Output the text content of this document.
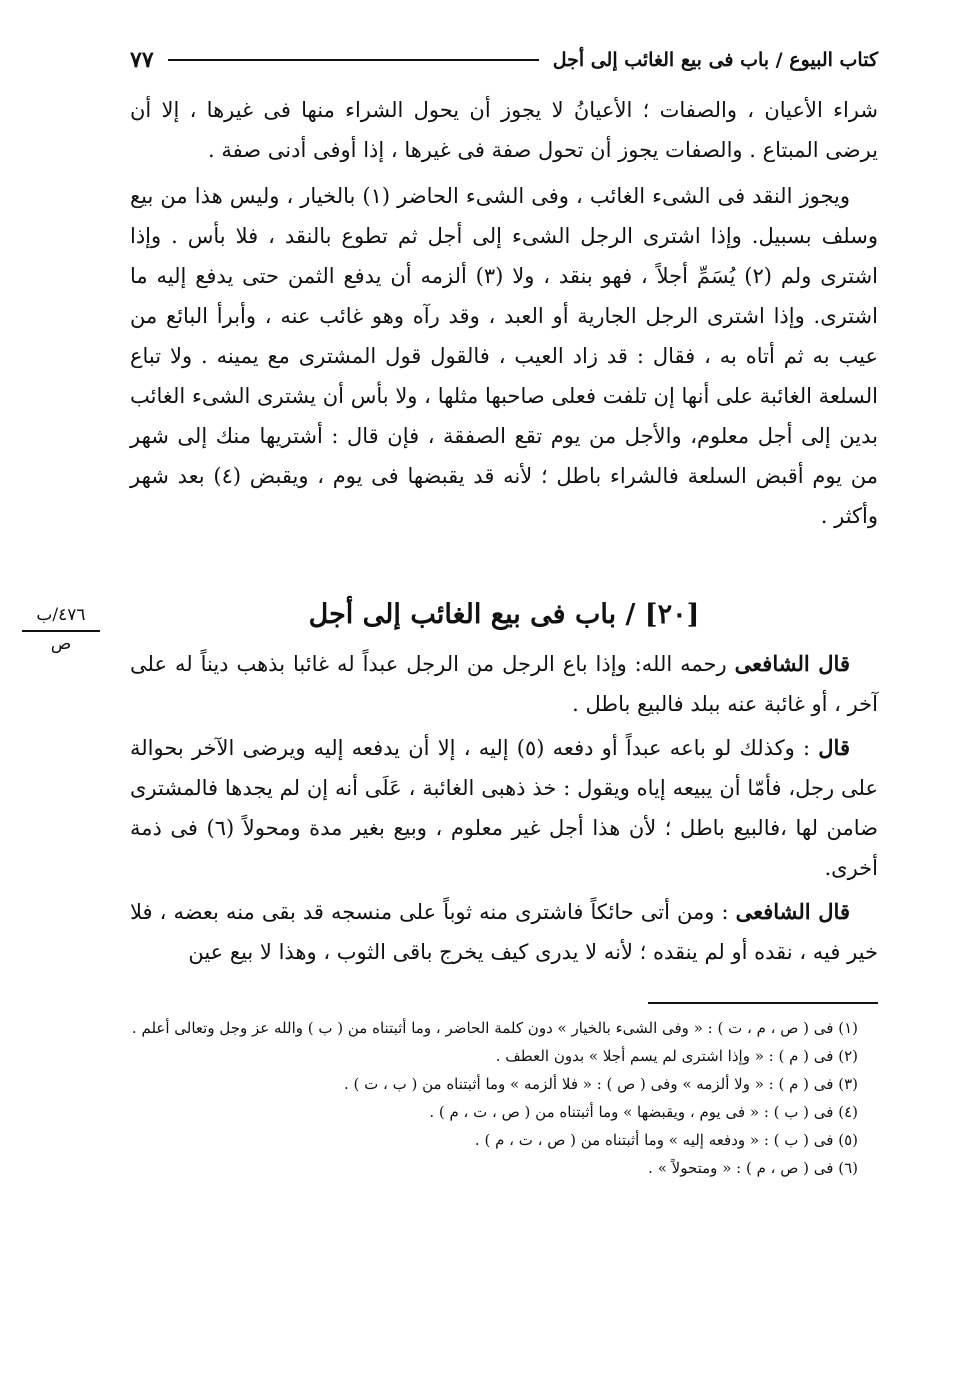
كتاب البيوع / باب فى بيع الغائب إلى أجل
٧٧

شراء الأعيان ، والصفات ؛ الأعيانُ لا يجوز أن يحول الشراء منها فى غيرها ، إلا أن يرضى المبتاع . والصفات يجوز أن تحول صفة فى غيرها ، إذا أوفى أدنى صفة .

ويجوز النقد فى الشىء الغائب ، وفى الشىء الحاضر (١) بالخيار ، وليس هذا من بيع وسلف بسبيل. وإذا اشترى الرجل الشىء إلى أجل ثم تطوع بالنقد ، فلا بأس . وإذا اشترى ولم (٢) يُسَمِّ أجلاً ، فهو بنقد ، ولا (٣) ألزمه أن يدفع الثمن حتى يدفع إليه ما اشترى. وإذا اشترى الرجل الجارية أو العبد ، وقد رآه وهو غائب عنه ، وأبرأ البائع من عيب به ثم أتاه به ، فقال : قد زاد العيب ، فالقول قول المشترى مع يمينه . ولا تباع السلعة الغائبة على أنها إن تلفت فعلى صاحبها مثلها ، ولا بأس أن يشترى الشىء الغائب بدين إلى أجل معلوم، والأجل من يوم تقع الصفقة ، فإن قال : أشتريها منك إلى شهر من يوم أقبض السلعة فالشراء باطل ؛ لأنه قد يقبضها فى يوم ، ويقبض (٤) بعد شهر وأكثر .

[٢٠] / باب فى بيع الغائب إلى أجل

قال الشافعى رحمه الله: وإذا باع الرجل من الرجل عبداً له غائبا بذهب ديناً له على آخر ، أو غائبة عنه ببلد فالبيع باطل .

قال : وكذلك لو باعه عبداً أو دفعه (٥) إليه ، إلا أن يدفعه إليه ويرضى الآخر بحوالة على رجل، فأمّا أن يبيعه إياه ويقول : خذ ذهبى الغائبة ، عَلَى أنه إن لم يجدها فالمشترى ضامن لها ،فالبيع باطل ؛ لأن هذا أجل غير معلوم ، وبيع بغير مدة ومحولاً (٦) فى ذمة أخرى.

قال الشافعى : ومن أتى حائكاً فاشترى منه ثوباً على منسجه قد بقى منه بعضه ، فلا خير فيه ، نقده أو لم ينقده ؛ لأنه لا يدرى كيف يخرج باقى الثوب ، وهذا لا بيع عين

(١) فى ( ص ، م ، ت ) : « وفى الشىء بالخيار » دون كلمة الحاضر ، وما أثبتناه من ( ب ) والله عز وجل وتعالى أعلم .

(٢) فى ( م ) : « وإذا اشترى لم يسم أجلا » بدون العطف .

(٣) فى ( م ) : « ولا ألزمه » وفى ( ص ) : « فلا ألزمه » وما أثبتناه من ( ب ، ت ) .

(٤) فى ( ب ) : « فى يوم ، ويقبضها » وما أثبتناه من ( ص ، ت ، م ) .

(٥) فى ( ب ) : « ودفعه إليه » وما أثبتناه من ( ص ، ت ، م ) .

(٦) فى ( ص ، م ) : « ومتحولاً » .

٤٧٦/ب
ص
